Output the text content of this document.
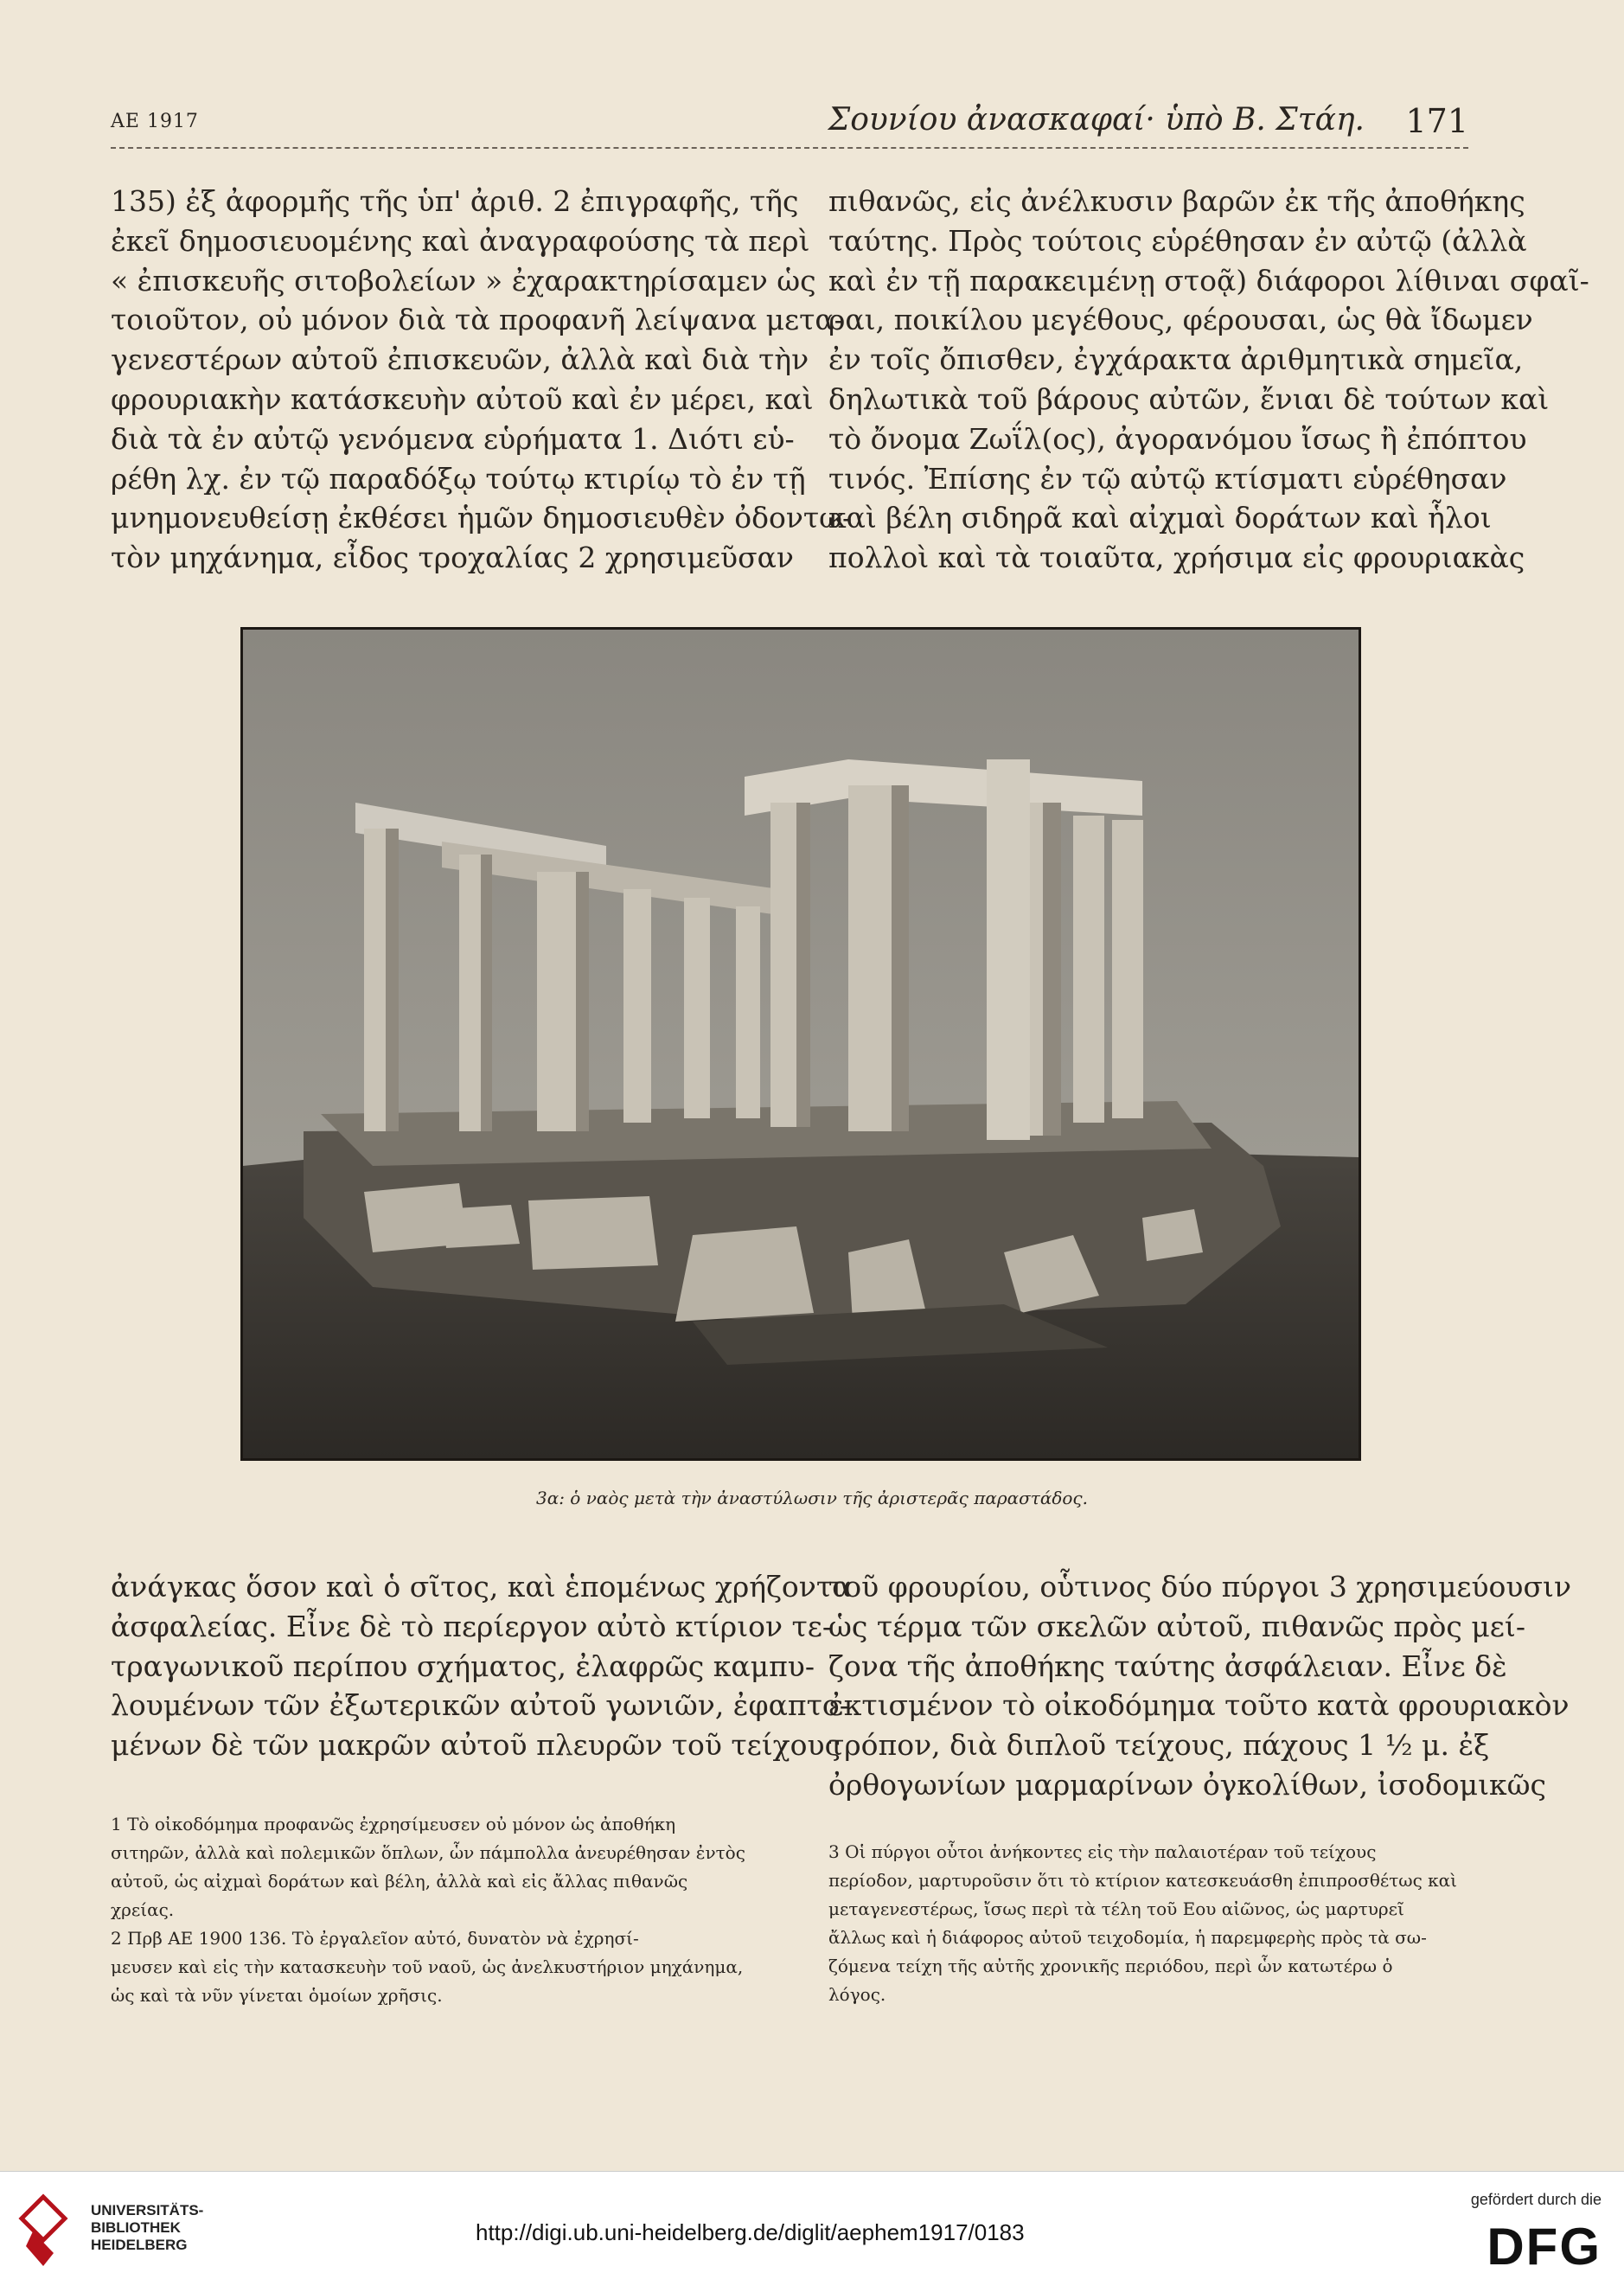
ΑΕ 1917	Σουνίου ἀνασκαφαί· ὑπὸ Β. Στάη. 171
135) ἐξ ἀφορμῆς τῆς ὑπ' ἀριθ. 2 ἐπιγραφῆς, τῆς
ἐκεῖ δημοσιευομένης καὶ ἀναγραφούσης τὰ περὶ
« ἐπισκευῆς σιτοβολείων » ἐχαρακτηρίσαμεν ὡς
τοιοῦτον, οὐ μόνον διὰ τὰ προφανῆ λείψανα μετα-
γενεστέρων αὐτοῦ ἐπισκευῶν, ἀλλὰ καὶ διὰ τὴν
φρουριακὴν κατάσκευὴν αὐτοῦ καὶ ἐν μέρει, καὶ
διὰ τὰ ἐν αὐτῷ γενόμενα εὑρήματα 1. Διότι εὑ-
ρέθη λχ. ἐν τῷ παραδόξῳ τούτῳ κτιρίῳ τὸ ἐν τῇ
μνημονευθείσῃ ἐκθέσει ἡμῶν δημοσιευθὲν ὀδοντω-
τὸν μηχάνημα, εἶδος τροχαλίας 2 χρησιμεῦσαν
πιθανῶς, εἰς ἀνέλκυσιν βαρῶν ἐκ τῆς ἀποθήκης
ταύτης. Πρὸς τούτοις εὑρέθησαν ἐν αὐτῷ (ἀλλὰ
καὶ ἐν τῇ παρακειμένῃ στοᾷ) διάφοροι λίθιναι σφαῖ-
ραι, ποικίλου μεγέθους, φέρουσαι, ὡς θὰ ἴδωμεν
ἐν τοῖς ὄπισθεν, ἐγχάρακτα ἀριθμητικὰ σημεῖα,
δηλωτικὰ τοῦ βάρους αὐτῶν, ἔνιαι δὲ τούτων καὶ
τὸ ὄνομα Ζωΐλ(ος), ἀγορανόμου ἴσως ἢ ἐπόπτου
τινός. Ἐπίσης ἐν τῷ αὐτῷ κτίσματι εὑρέθησαν
καὶ βέλη σιδηρᾶ καὶ αἰχμαὶ δοράτων καὶ ἧλοι
πολλοὶ καὶ τὰ τοιαῦτα, χρήσιμα εἰς φρουριακὰς
3α: ὁ ναὸς μετὰ τὴν ἀναστύλωσιν τῆς ἀριστερᾶς παραστάδος.
ἀνάγκας ὅσον καὶ ὁ σῖτος, καὶ ἑπομένως χρήζοντα
ἀσφαλείας. Εἶνε δὲ τὸ περίεργον αὐτὸ κτίριον τε-
τραγωνικοῦ περίπου σχήματος, ἐλαφρῶς καμπυ-
λουμένων τῶν ἐξωτερικῶν αὐτοῦ γωνιῶν, ἐφαπτο-
μένων δὲ τῶν μακρῶν αὐτοῦ πλευρῶν τοῦ τείχους
τοῦ φρουρίου, οὗτινος δύο πύργοι 3 χρησιμεύουσιν
ὡς τέρμα τῶν σκελῶν αὐτοῦ, πιθανῶς πρὸς μεί-
ζονα τῆς ἀποθήκης ταύτης ἀσφάλειαν. Εἶνε δὲ
ἐκτισμένον τὸ οἰκοδόμημα τοῦτο κατὰ φρουριακὸν
τρόπον, διὰ διπλοῦ τείχους, πάχους 1 ½ μ. ἐξ
ὀρθογωνίων μαρμαρίνων ὀγκολίθων, ἰσοδομικῶς
1 Τὸ οἰκοδόμημα προφανῶς ἐχρησίμευσεν οὐ μόνον ὡς ἀποθήκη
σιτηρῶν, ἀλλὰ καὶ πολεμικῶν ὅπλων, ὧν πάμπολλα ἀνευρέθησαν ἐντὸς
αὐτοῦ, ὡς αἰχμαὶ δοράτων καὶ βέλη, ἀλλὰ καὶ εἰς ἄλλας πιθανῶς
χρείας.
2 Πρβ ΑΕ 1900 136. Τὸ ἐργαλεῖον αὐτό, δυνατὸν νὰ ἐχρησί-
μευσεν καὶ εἰς τὴν κατασκευὴν τοῦ ναοῦ, ὡς ἀνελκυστήριον μηχάνημα,
ὡς καὶ τὰ νῦν γίνεται ὁμοίων χρῆσις.
3 Οἱ πύργοι οὗτοι ἀνήκοντες εἰς τὴν παλαιοτέραν τοῦ τείχους
περίοδον, μαρτυροῦσιν ὅτι τὸ κτίριον κατεσκευάσθη ἐπιπροσθέτως καὶ
μεταγενεστέρως, ἴσως περὶ τὰ τέλη τοῦ Εου αἰῶνος, ὡς μαρτυρεῖ
ἄλλως καὶ ἡ διάφορος αὐτοῦ τειχοδομία, ἡ παρεμφερὴς πρὸς τὰ σω-
ζόμενα τείχη τῆς αὐτῆς χρονικῆς περιόδου, περὶ ὧν κατωτέρω ὁ
λόγος.
UNIVERSITÄTS-
BIBLIOTHEK
HEIDELBERG	http://digi.ub.uni-heidelberg.de/diglit/aephem1917/0183
gefördert durch die
DFG
